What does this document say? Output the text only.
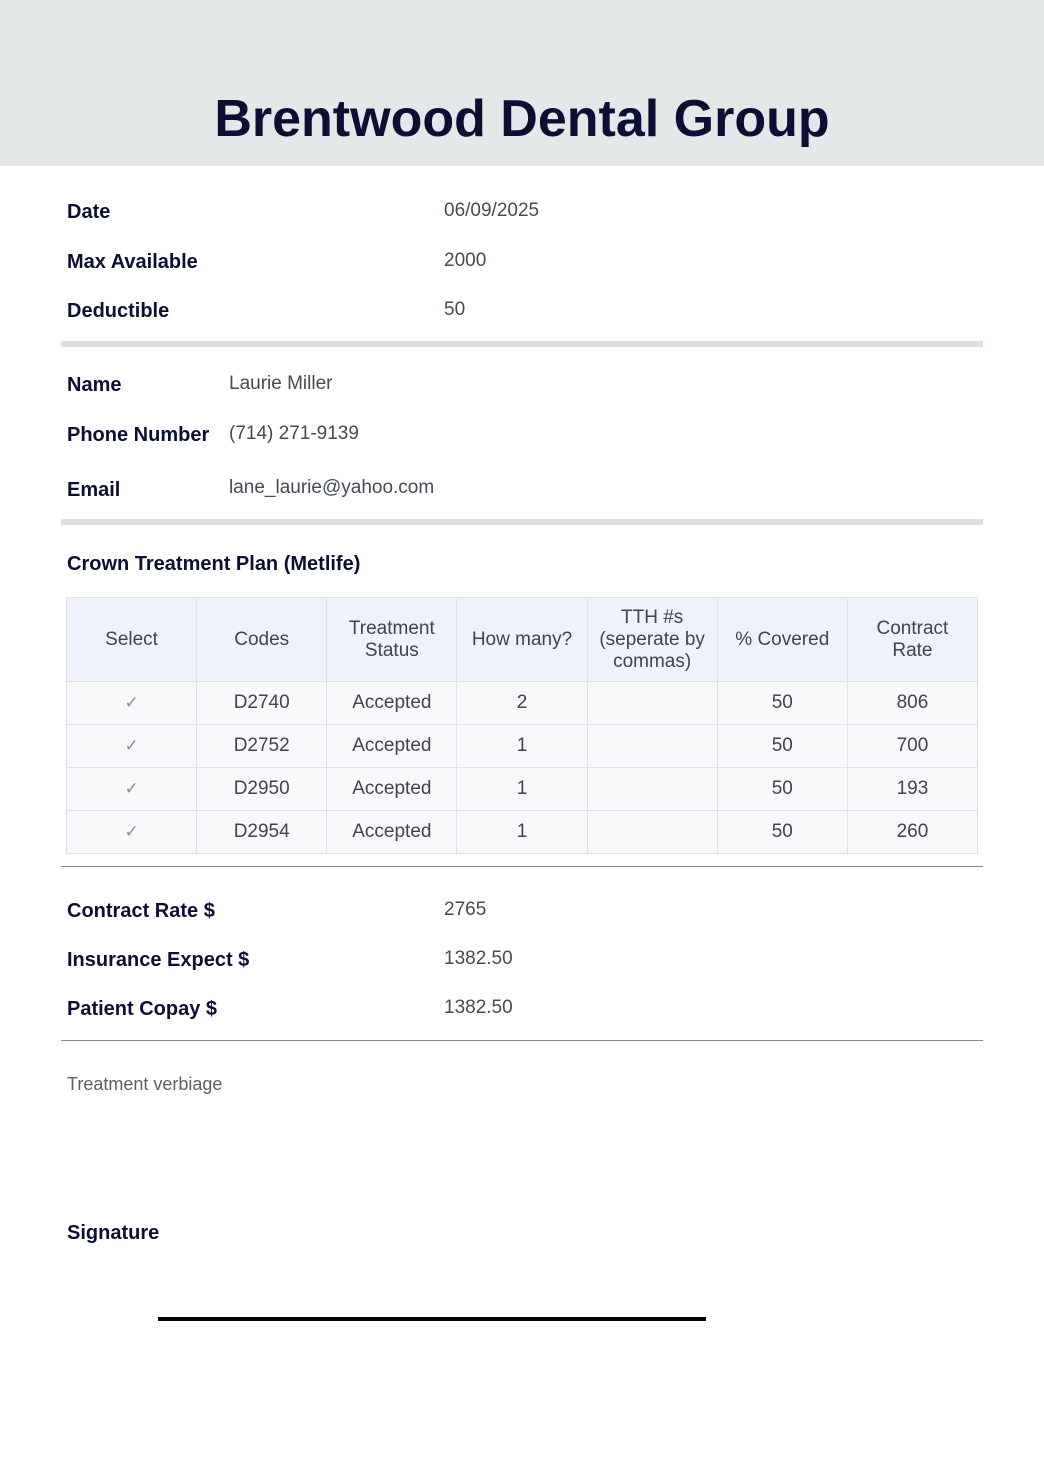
Brentwood Dental Group
Date	06/09/2025
Max Available	2000
Deductible	50
Name	Laurie Miller
Phone Number (714) 271-9139
Email	lane_laurie@yahoo.com
Crown Treatment Plan (Metlife)
Select	Codes	Treatment Status	How many?	TTH #s (seperate by commas)	% Covered	Contract Rate

✓	D2740	Accepted	2		50	806
✓	D2752	Accepted	1		50	700
✓	D2950	Accepted	1		50	193
✓	D2954	Accepted	1		50	260
Contract Rate $	2765
Insurance Expect $	1382.50
Patient Copay $	1382.50
Treatment verbiage
Signature
